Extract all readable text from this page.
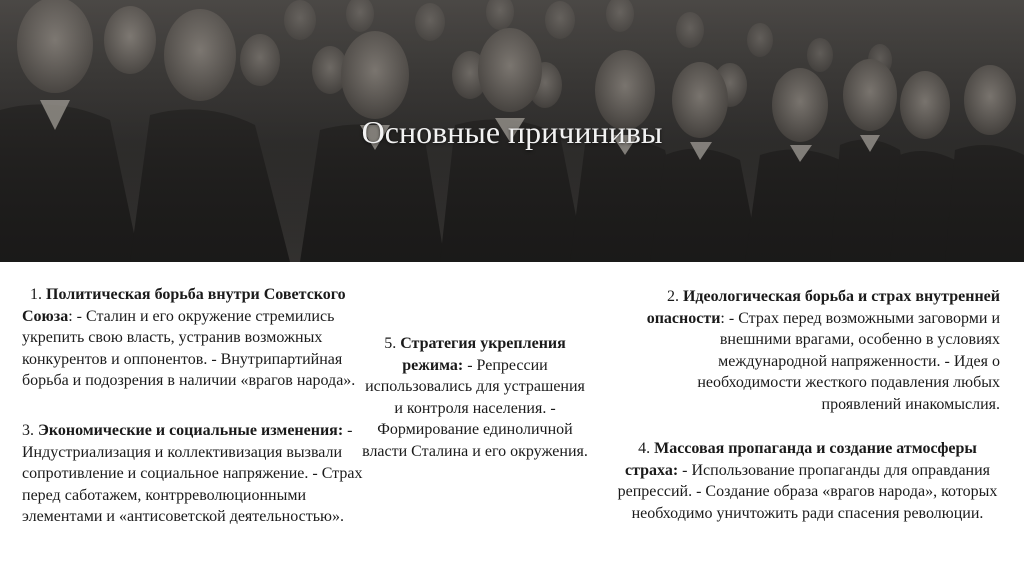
Основные причинивы
1. Политическая борьба внутри Советского Союза: - Сталин и его окружение стремились укрепить свою власть, устранив возможных конкурентов и оппонентов. - Внутрипартийная борьба и подозрения в наличии «врагов народа».
3. Экономические и социальные изменения: - Индустриализация и коллективизация вызвали сопротивление и социальное напряжение. - Страх перед саботажем, контрреволюционными элементами и «антисоветской деятельностью».
5. Стратегия укрепления режима: - Репрессии использовались для устрашения и контроля населения. - Формирование единоличной власти Сталина и его окружения.
2. Идеологическая борьба и страх внутренней опасности: - Страх перед возможными заговорми и внешними врагами, особенно в условиях международной напряженности. - Идея о необходимости жесткого подавления любых проявлений инакомыслия.
4. Массовая пропаганда и создание атмосферы страха: - Использование пропаганды для оправдания репрессий. - Создание образа «врагов народа», которых необходимо уничтожить ради спасения революции.
